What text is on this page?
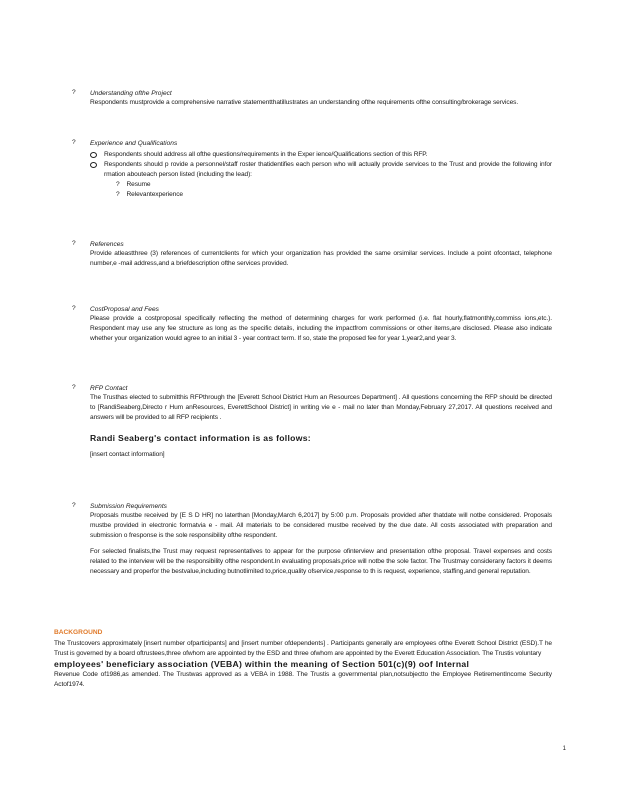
? Understanding ofthe Project

Respondents mustprovide a comprehensive narrative statementthatillustrates an understanding ofthe requirements ofthe consulting/brokerage services.

? Experience and Qualifications

Respondents should address all ofthe questions/requirements in the Exper ience/Qualifications section of this RFP.

Respondents should p rovide a personnel/staff roster thatidentifies each person who will actually provide services to the Trust and provide the following infor rmation abouteach person listed (including the lead):

? Resume
? Relevantexperience
? References

Provide atleastthree (3) references of currentclients for which your organization has provided the same orsimilar services. Include a point ofcontact, telephone number,e -mail address,and a briefdescription ofthe services provided.

? CostProposal and Fees

Please provide a costproposal specifically reflecting the method of determining charges for work performed (i.e. flat hourly,flatmonthly,commiss ions,etc.). Respondent may use any fee structure as long as the specific details, including the impactfrom commissions or other items,are disclosed. Please also indicate whether your organization would agree to an initial 3 - year contract term. If so, state the proposed fee for year 1,year2,and year 3.

? RFP Contact

The Trusthas elected to submitthis RFPthrough the [Everett School District Hum an Resources Department] . All questions concerning the RFP should be directed to [RandiSeaberg,Directo r Hum anResources, EverettSchool District] in writing vie e - mail no later than Monday,February 27,2017. All questions received and answers will be provided to all RFP recipients .

Randi Seaberg's contact information is as follows:

[insert contact information]

? Submission Requirements

Proposals mustbe received by [E S D HR] no laterthan [Monday,March 6,2017] by 5:00 p.m. Proposals provided after thatdate will notbe considered. Proposals mustbe provided in electronic formatvia e - mail. All materials to be considered mustbe received by the due date. All costs associated with preparation and submission o fresponse is the sole responsibility ofthe respondent.

For selected finalists,the Trust may request representatives to appear for the purpose ofinterview and presentation ofthe proposal. Travel expenses and costs related to the interview will be the responsibility ofthe respondent.In evaluating proposals,price will notbe the sole factor. The Trustmay considerany factors it deems necessary and properfor the bestvalue,including butnotlimited to,price,quality ofservice,response to th is request, experience, staffing,and general reputation.

BACKGROUND

The Trustcovers approximately [insert number ofparticipants] and [insert number ofdependents] . Participants generally are employees ofthe Everett School District (ESD).T he Trust is governed by a board oftrustees,three ofwhom are appointed by the ESD and three ofwhom are appointed by the Everett Education Association. The Trustis voluntary

employees' beneficiary association (VEBA) within the meaning of Section 501(c)(9) oof Internal

Revenue Code of1986,as amended. The Trustwas approved as a VEBA in 1988. The Trustis a governmental plan,notsubjectto the Employee RetirementIncome Security Actof1974.

1
